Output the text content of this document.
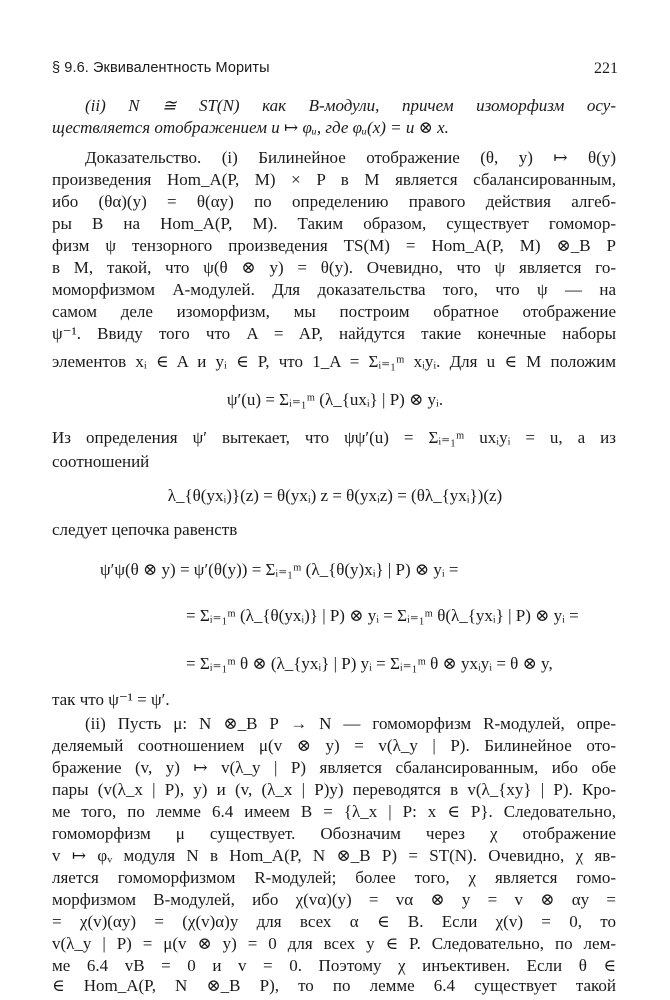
§ 9.6. Эквивалентность Мориты	221
(ii) N ≅ ST(N) как B-модули, причем изоморфизм осу-
ществляется отображением u ↦ φᵤ, где φᵤ(x) = u ⊗ x.
Доказательство. (i) Билинейное отображение (θ, y) ↦ θ(y)
произведения Hom_A(P, M) × P в M является сбалансированным,
ибо (θα)(y) = θ(αy) по определению правого действия алгеб-
ры B на Hom_A(P, M). Таким образом, существует гомомор-
физм ψ тензорного произведения TS(M) = Hom_A(P, M) ⊗_B P
в M, такой, что ψ(θ ⊗ y) = θ(y). Очевидно, что ψ является го-
моморфизмом A-модулей. Для доказательства того, что ψ — на
самом деле изоморфизм, мы построим обратное отображение
ψ⁻¹. Ввиду того что A = AP, найдутся такие конечные наборы
элементов xᵢ ∈ A и yᵢ ∈ P, что 1_A = Σᵢ₌₁ᵐ xᵢyᵢ. Для u ∈ M положим
ψ′(u) = Σᵢ₌₁ᵐ (λ_{uxᵢ} | P) ⊗ yᵢ.
Из определения ψ′ вытекает, что ψψ′(u) = Σᵢ₌₁ᵐ uxᵢyᵢ = u, а из
соотношений
λ_{θ(yxᵢ)}(z) = θ(yxᵢ) z = θ(yxᵢz) = (θλ_{yxᵢ})(z)
следует цепочка равенств
ψ′ψ(θ ⊗ y) = ψ′(θ(y)) = Σᵢ₌₁ᵐ (λ_{θ(y)xᵢ} | P) ⊗ yᵢ =
= Σᵢ₌₁ᵐ (λ_{θ(yxᵢ)} | P) ⊗ yᵢ = Σᵢ₌₁ᵐ θ(λ_{yxᵢ} | P) ⊗ yᵢ =
= Σᵢ₌₁ᵐ θ ⊗ (λ_{yxᵢ} | P) yᵢ = Σᵢ₌₁ᵐ θ ⊗ yxᵢyᵢ = θ ⊗ y,
так что ψ⁻¹ = ψ′.
(ii) Пусть μ: N ⊗_B P → N — гомоморфизм R-модулей, опре-
деляемый соотношением μ(v ⊗ y) = v(λ_y | P). Билинейное ото-
бражение (v, y) ↦ v(λ_y | P) является сбалансированным, ибо обе
пары (v(λ_x | P), y) и (v, (λ_x | P)y) переводятся в v(λ_{xy} | P). Кро-
ме того, по лемме 6.4 имеем B = {λ_x | P: x ∈ P}. Следовательно,
гомоморфизм μ существует. Обозначим через χ отображение
v ↦ φᵥ модуля N в Hom_A(P, N ⊗_B P) = ST(N). Очевидно, χ яв-
ляется гомоморфизмом R-модулей; более того, χ является гомо-
морфизмом B-модулей, ибо χ(vα)(y) = vα ⊗ y = v ⊗ αy =
= χ(v)(αy) = (χ(v)α)y для всех α ∈ B. Если χ(v) = 0, то
v(λ_y | P) = μ(v ⊗ y) = 0 для всех y ∈ P. Следовательно, по лем-
ме 6.4 vB = 0 и v = 0. Поэтому χ инъективен. Если θ ∈
∈ Hom_A(P, N ⊗_B P), то по лемме 6.4 существует такой
